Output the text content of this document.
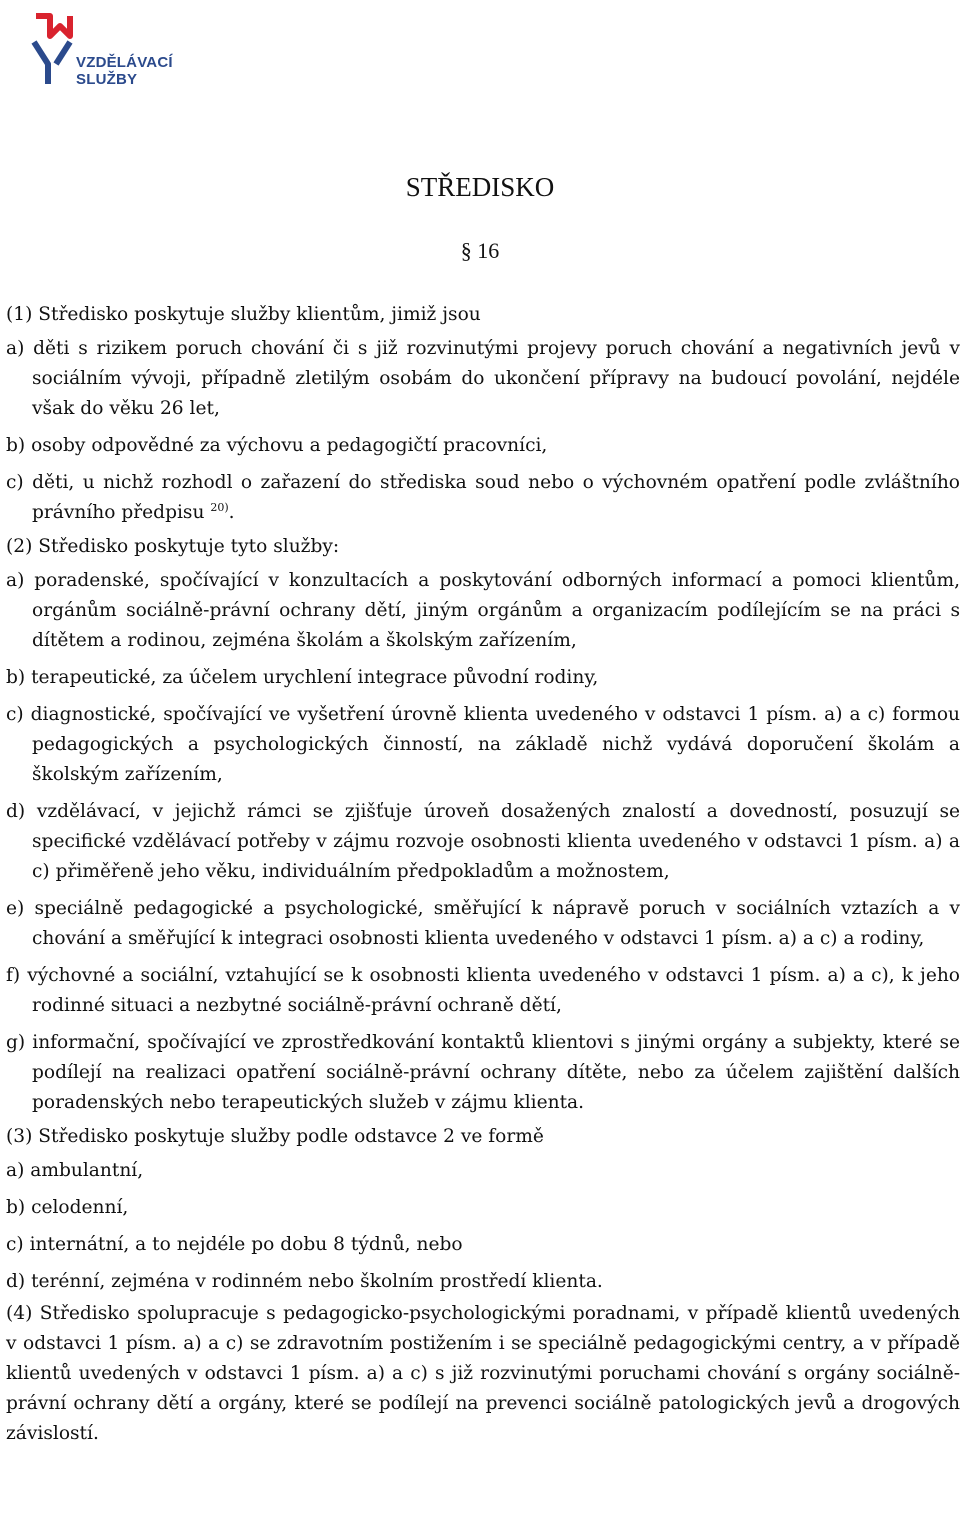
VZDĚLÁVACÍ
SLUŽBY
STŘEDISKO
§ 16
(1) Středisko poskytuje služby klientům, jimiž jsou
a) děti s rizikem poruch chování či s již rozvinutými projevy poruch chování a negativních jevů v sociálním vývoji, případně zletilým osobám do ukončení přípravy na budoucí povolání, nejdéle však do věku 26 let,
b) osoby odpovědné za výchovu a pedagogičtí pracovníci,
c) děti, u nichž rozhodl o zařazení do střediska soud nebo o výchovném opatření podle zvláštního právního předpisu $^{20)}$.
(2) Středisko poskytuje tyto služby:
a) poradenské, spočívající v konzultacích a poskytování odborných informací a pomoci klientům, orgánům sociálně-právní ochrany dětí, jiným orgánům a organizacím podílejícím se na práci s dítětem a rodinou, zejména školám a školským zařízením,
b) terapeutické, za účelem urychlení integrace původní rodiny,
c) diagnostické, spočívající ve vyšetření úrovně klienta uvedeného v odstavci 1 písm. a) a c) formou pedagogických a psychologických činností, na základě nichž vydává doporučení školám a školským zařízením,
d) vzdělávací, v jejichž rámci se zjišťuje úroveň dosažených znalostí a dovedností, posuzují se specifické vzdělávací potřeby v zájmu rozvoje osobnosti klienta uvedeného v odstavci 1 písm. a) a c) přiměřeně jeho věku, individuálním předpokladům a možnostem,
e) speciálně pedagogické a psychologické, směřující k nápravě poruch v sociálních vztazích a v chování a směřující k integraci osobnosti klienta uvedeného v odstavci 1 písm. a) a c) a rodiny,
f) výchovné a sociální, vztahující se k osobnosti klienta uvedeného v odstavci 1 písm. a) a c), k jeho rodinné situaci a nezbytné sociálně-právní ochraně dětí,
g) informační, spočívající ve zprostředkování kontaktů klientovi s jinými orgány a subjekty, které se podílejí na realizaci opatření sociálně-právní ochrany dítěte, nebo za účelem zajištění dalších poradenských nebo terapeutických služeb v zájmu klienta.
(3) Středisko poskytuje služby podle odstavce 2 ve formě
a) ambulantní,
b) celodenní,
c) internátní, a to nejdéle po dobu 8 týdnů, nebo
d) terénní, zejména v rodinném nebo školním prostředí klienta.
(4) Středisko spolupracuje s pedagogicko-psychologickými poradnami, v případě klientů uvedených v odstavci 1 písm. a) a c) se zdravotním postižením i se speciálně pedagogickými centry, a v případě klientů uvedených v odstavci 1 písm. a) a c) s již rozvinutými poruchami chování s orgány sociálně-právní ochrany dětí a orgány, které se podílejí na prevenci sociálně patologických jevů a drogových závislostí.
